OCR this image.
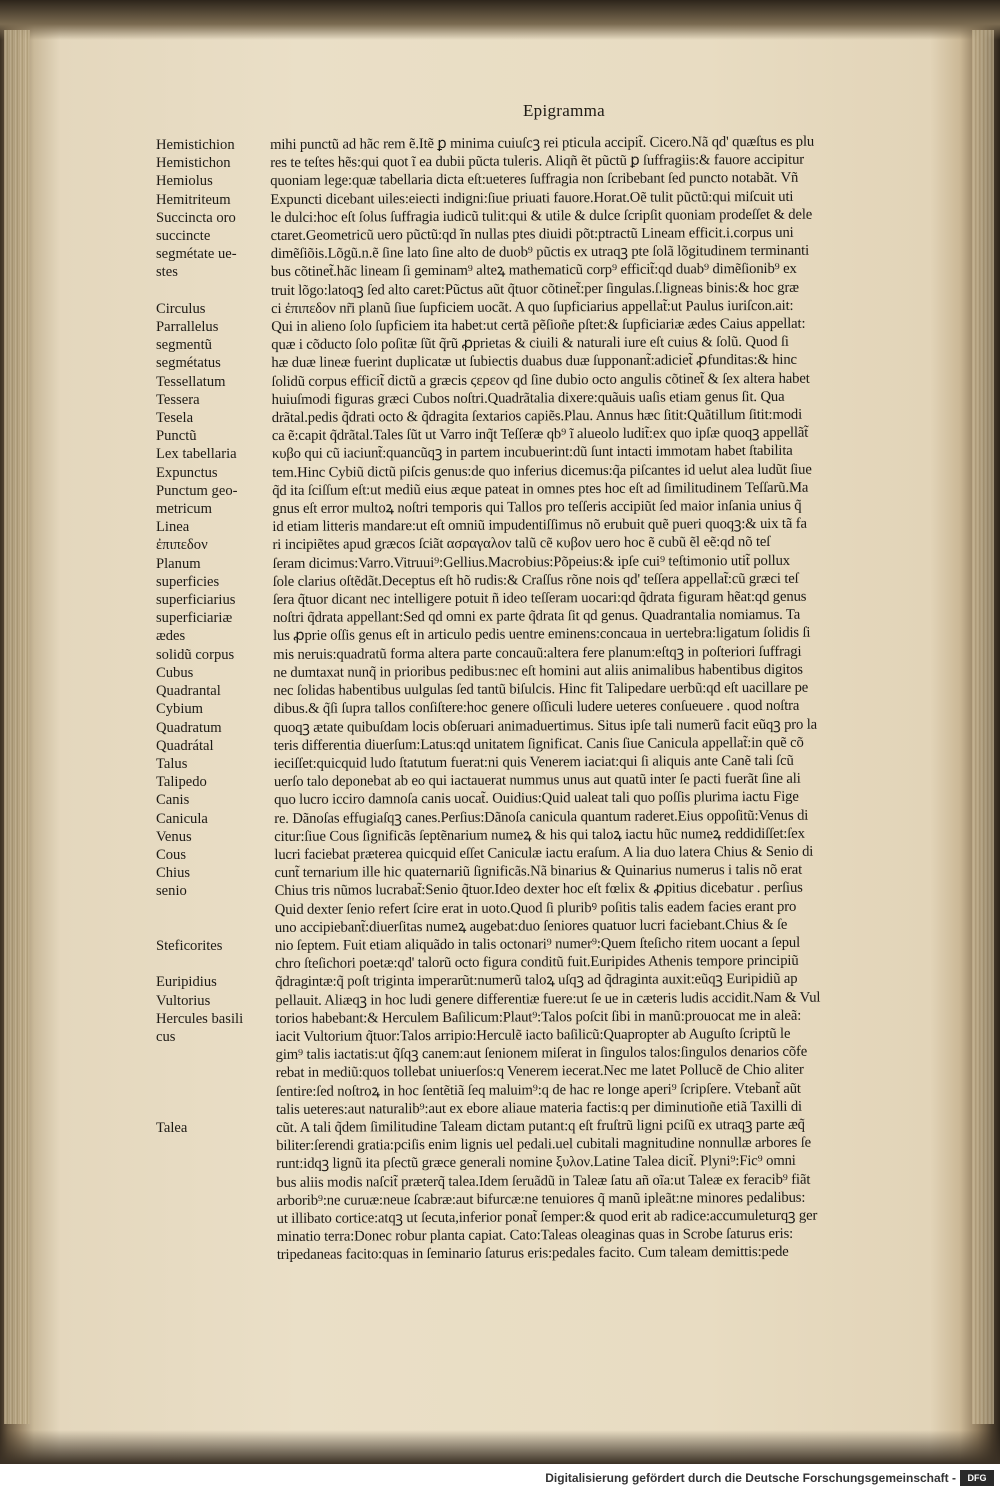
Epigramma
Hemistichion
Hemistichon
Hemiolus
Hemitriteum
Succincta oro
succincte
segmétate ue-
stes

Circulus
Parrallelus
segmentũ
segmétatus
Tessellatum
Tessera
Tesela
Punctũ
Lex tabellaria
Expunctus
Punctum geo-
metricum
Linea
ἐπιπεδον
Planum
superficies
superficiarius
superficiariæ
ædes
solidũ corpus
Cubus
Quadrantal
Cybium
Quadratum
Quadrátal
Talus
Talipedo
Canis
Canicula
Venus
Cous
Chius
senio

Steficorites

Euripidius
Vultorius
Hercules basili
cus

Talea
mihi punctũ ad hãc rem ẽ.Itẽ ꝑ minima cuiuſcꝫ rei pticula accipit̃. Cicero.Nã qd' quæſtus es plu
res te teſtes hẽs:qui quot ĩ ea dubii pũcta tuleris. Aliqñ ẽt pũctũ ꝑ ſuffragiis:& fauore accipitur
quoniam lege:quæ tabellaria dicta eſt:ueteres ſuffragia non ſcribebant ſed puncto notabãt. Vñ
Expuncti dicebant uiles:eiecti indigni:ſiue priuati fauore.Horat.Oẽ tulit pũctũ:qui miſcuit uti
le dulci:hoc eſt ſolus ſuffragia iudicũ tulit:qui & utile & dulce ſcripſit quoniam prodeſſet & dele
ctaret.Geometricũ uero pũctũ:qd ĩn nullas ptes diuidi põt:ptractũ Lineam efficit.i.corpus uni
dimẽſiõis.Lõgũ.n.ẽ ſine lato ſine alto de duob⁹ pũctis ex utraqꝫ pte ſolã lõgitudinem terminanti
bus cõtinet̃.hãc lineam ſi geminam⁹ alteꝝ mathematicũ corp⁹ efficit̃:qd duab⁹ dimẽſionib⁹ ex
truit lõgo:latoqꝫ ſed alto caret:Pũctus aũt q̃tuor cõtinet̃:per ſingulas.ſ.ligneas binis:& hoc græ
ci ἐπιπεδον nr̃i planũ ſiue ſupficiem uocãt. A quo ſupficiarius appellat̃:ut Paulus iuriſcon.ait:
Qui in alieno ſolo ſupficiem ita habet:ut certã pẽſioñe pſtet:& ſupficiariæ ædes Caius appellat:
quæ i cõducto ſolo poſitæ ſũt q̃rũ ꝓprietas & ciuili & naturali iure eſt cuius & ſolũ. Quod ſi
hæ duæ lineæ fuerint duplicatæ ut ſubiectis duabus duæ ſupponant̃:adiciet̃ ꝓfunditas:& hinc
ſolidũ corpus efficit̃ dictũ a græcis ϛερεον qd ſine dubio octo angulis cõtinet̃ & ſex altera habet
huiuſmodi figuras græci Cubos noſtri.Quadrãtalia dixere:quãuis uaſis etiam genus ſit. Qua
drãtal.pedis q̃drati octo & q̃dragita ſextarios capiẽs.Plau. Annus hæc ſitit:Quãtillum ſitit:modi
ca ẽ:capit q̃drãtal.Tales ſũt ut Varro inq̃t Teſſeræ qb⁹ ĩ alueolo ludit̃:ex quo ipſæ quoqꝫ appellãt̃
κυβο qui cũ iaciunt̃:quancũqꝫ in partem incubuerint:dũ ſunt intacti immotam habet ſtabilita
tem.Hinc Cybiũ dictũ piſcis genus:de quo inferius dicemus:q̃a piſcantes id uelut alea ludũt ſiue
q̃d ita ſciſſum eſt:ut mediũ eius æque pateat in omnes ptes hoc eſt ad ſimilitudinem Teſſarũ.Ma
gnus eſt error multoꝝ noſtri temporis qui Tallos pro teſſeris accipiũt ſed maior inſania unius q̃
id etiam litteris mandare:ut eſt omniũ impudentiſſimus nõ erubuit quẽ pueri quoqꝫ:& uix tã fa
ri incipiẽtes apud græcos ſciãt ασραγαλον talũ cẽ κυβον uero hoc ẽ cubũ ẽl eẽ:qd nõ teſ
ſeram dicimus:Varro.Vitruui⁹:Gellius.Macrobius:Põpeius:& ipſe cui⁹ teſtimonio utit̃ pollux
ſole clarius oſtẽdãt.Deceptus eſt hõ rudis:& Craſſus rõne nois qd' teſſera appellat̃:cũ græci teſ
ſera q̃tuor dicant nec intelligere potuit ñ ideo teſſeram uocari:qd q̃drata figuram hẽat:qd genus
noſtri q̃drata appellant:Sed qd omni ex parte q̃drata ſit qd genus. Quadrantalia nomiamus. Ta
lus ꝓprie oſſis genus eſt in articulo pedis uentre eminens:concaua in uertebra:ligatum ſolidis ſi
mis neruis:quadratũ forma altera parte concauũ:altera fere planum:eſtqꝫ in poſteriori ſuffragi
ne dumtaxat nunq̃ in prioribus pedibus:nec eſt homini aut aliis animalibus habentibus digitos
nec ſolidas habentibus uulgulas ſed tantũ biſulcis. Hinc fit Talipedare uerbũ:qd eſt uacillare pe
dibus.& q̃ſi ſupra tallos conſiſtere:hoc genere oſſiculi ludere ueteres conſueuere . quod noſtra
quoqꝫ ætate quibuſdam locis obſeruari animaduertimus. Situs ipſe tali numerũ facit eũqꝫ pro la
teris differentia diuerſum:Latus:qd unitatem ſignificat. Canis ſiue Canicula appellat̃:in quẽ cõ
ieciſſet:quicquid ludo ſtatutum fuerat:ni quis Venerem iaciat:qui ſi aliquis ante Canẽ tali ſcũ
uerſo talo deponebat ab eo qui iactauerat nummus unus aut quatũ inter ſe pacti fuerãt ſine ali
quo lucro icciro damnoſa canis uocat̃. Ouidius:Quid ualeat tali quo poſſis plurima iactu Fige
re. Dãnoſas effugiaſqꝫ canes.Perſius:Dãnoſa canicula quantum raderet.Eius oppoſitũ:Venus di
citur:ſiue Cous ſignificãs ſeptẽnarium numeꝝ & his qui taloꝝ iactu hũc numeꝝ reddidiſſet:ſex
lucri faciebat præterea quicquid eſſet Caniculæ iactu eraſum. A lia duo latera Chius & Senio di
cunt̃ ternarium ille hic quaternariũ ſignificãs.Nã binarius & Quinarius numerus i talis nõ erat
Chius tris nũmos lucrabat̃:Senio q̃tuor.Ideo dexter hoc eſt fœlix & ꝓpitius dicebatur . perſius
Quid dexter ſenio refert ſcire erat in uoto.Quod ſi pluribꝰ poſitis talis eadem facies erant pro
uno accipiebant̃:diuerſitas numeꝝ augebat:duo ſeniores quatuor lucri faciebant.Chius & ſe
nio ſeptem. Fuit etiam aliquãdo in talis octonari⁹ numer⁹:Quem ſteſicho ritem uocant a ſepul
chro ſteſichori poetæ:qd' talorũ octo figura conditũ fuit.Euripides Athenis tempore principiũ
q̃dragintæ:q̃ poſt triginta imperarũt:numerũ taloꝝ uſqꝫ ad q̃draginta auxit:eũqꝫ Euripidiũ ap
pellauit. Aliæqꝫ in hoc ludi genere differentiæ fuere:ut ſe ue in cæteris ludis accidit.Nam & Vul
torios habebant:& Herculem Baſilicum:Plaut⁹:Talos poſcit ſibi in manũ:prouocat me in aleã:
iacit Vultorium q̃tuor:Talos arripio:Herculẽ iacto baſilicũ:Quapropter ab Auguſto ſcriptũ le
gim⁹ talis iactatis:ut q̃ſqꝫ canem:aut ſenionem miſerat in ſingulos talos:ſingulos denarios cõfe
rebat in mediũ:quos tollebat uniuerſos:q Venerem iecerat.Nec me latet Pollucẽ de Chio aliter
ſentire:ſed noſtroꝝ in hoc ſentẽtiã ſeq maluim⁹:q de hac re longe aperi⁹ ſcripſere. Vtebant̃ aũt
talis ueteres:aut naturalib⁹:aut ex ebore aliaue materia factis:q per diminutioñe etiã Taxilli di
cũt. A tali q̃dem ſimilitudine Taleam dictam putant:q eſt fruſtrũ ligni pciſũ ex utraqꝫ parte æq̃
biliter:ſerendi gratia:pciſis enim lignis uel pedali.uel cubitali magnitudine nonnullæ arbores ſe
runt:idqꝫ lignũ ita pſectũ græce generali nomine ξυλον.Latine Talea dicit̃. Plyni⁹:Fic⁹ omni
bus aliis modis naſcit̃ præterq̃ talea.Idem ſeruãdũ in Taleæ ſatu añ oĩa:ut Taleæ ex feracib⁹ fiãt
arborib⁹:ne curuæ:neue ſcabræ:aut bifurcæ:ne tenuiores q̃ manũ ipleãt:ne minores pedalibus:
ut illibato cortice:atqꝫ ut ſecuta,inferior ponat̃ ſemper:& quod erit ab radice:accumuleturqꝫ ger
minatio terra:Donec robur planta capiat. Cato:Taleas oleaginas quas in Scrobe ſaturus eris:
tripedaneas facito:quas in ſeminario ſaturus eris:pedales facito. Cum taleam demittis:pede
Digitalisierung gefördert durch die Deutsche Forschungsgemeinschaft -	DFG
